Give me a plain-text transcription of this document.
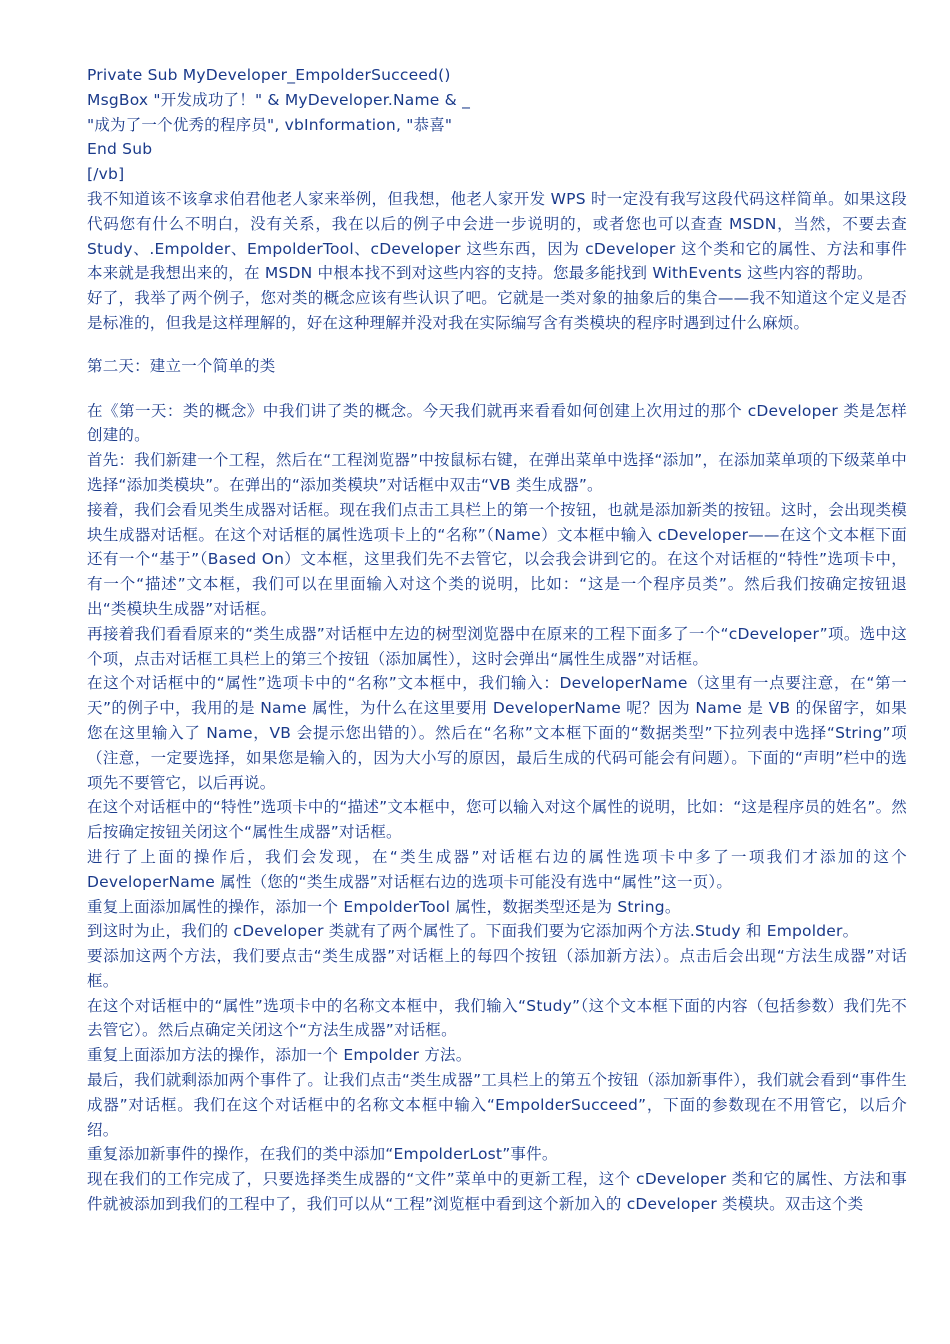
Private Sub MyDeveloper_EmpolderSucceed()
MsgBox "开发成功了！" & MyDeveloper.Name & _
"成为了一个优秀的程序员", vbInformation, "恭喜"
End Sub
[/vb]
我不知道该不该拿求伯君他老人家来举例，但我想，他老人家开发 WPS 时一定没有我写这段代码这样简单。如果这段代码您有什么不明白，没有关系，我在以后的例子中会进一步说明的，或者您也可以查查 MSDN，当然，不要去查 Study、.Empolder、EmpolderTool、cDeveloper 这些东西，因为 cDeveloper 这个类和它的属性、方法和事件本来就是我想出来的，在 MSDN 中根本找不到对这些内容的支持。您最多能找到 WithEvents 这些内容的帮助。
好了，我举了两个例子，您对类的概念应该有些认识了吧。它就是一类对象的抽象后的集合——我不知道这个定义是否是标准的，但我是这样理解的，好在这种理解并没对我在实际编写含有类模块的程序时遇到过什么麻烦。
第二天：建立一个简单的类
在《第一天：类的概念》中我们讲了类的概念。今天我们就再来看看如何创建上次用过的那个 cDeveloper 类是怎样创建的。
首先：我们新建一个工程，然后在“工程浏览器”中按鼠标右键，在弹出菜单中选择“添加”，在添加菜单项的下级菜单中选择“添加类模块”。在弹出的“添加类模块”对话框中双击“VB 类生成器”。
接着，我们会看见类生成器对话框。现在我们点击工具栏上的第一个按钮，也就是添加新类的按钮。这时，会出现类模块生成器对话框。在这个对话框的属性选项卡上的“名称”（Name）文本框中输入 cDeveloper——在这个文本框下面还有一个“基于”（Based On）文本框，这里我们先不去管它，以会我会讲到它的。在这个对话框的“特性”选项卡中，有一个“描述”文本框，我们可以在里面输入对这个类的说明，比如：“这是一个程序员类”。然后我们按确定按钮退出“类模块生成器”对话框。
再接着我们看看原来的“类生成器”对话框中左边的树型浏览器中在原来的工程下面多了一个“cDeveloper”项。选中这个项，点击对话框工具栏上的第三个按钮（添加属性），这时会弹出“属性生成器”对话框。
在这个对话框中的“属性”选项卡中的“名称”文本框中，我们输入：DeveloperName（这里有一点要注意，在“第一天”的例子中，我用的是 Name 属性，为什么在这里要用 DeveloperName 呢？因为 Name 是 VB 的保留字，如果您在这里输入了 Name，VB 会提示您出错的）。然后在“名称”文本框下面的“数据类型”下拉列表中选择“String”项（注意，一定要选择，如果您是输入的，因为大小写的原因，最后生成的代码可能会有问题）。下面的“声明”栏中的选项先不要管它，以后再说。
在这个对话框中的“特性”选项卡中的“描述”文本框中，您可以输入对这个属性的说明，比如：“这是程序员的姓名”。然后按确定按钮关闭这个“属性生成器”对话框。
进行了上面的操作后，我们会发现，在“类生成器”对话框右边的属性选项卡中多了一项我们才添加的这个 DeveloperName 属性（您的“类生成器”对话框右边的选项卡可能没有选中“属性”这一页）。
重复上面添加属性的操作，添加一个 EmpolderTool 属性，数据类型还是为 String。
到这时为止，我们的 cDeveloper 类就有了两个属性了。下面我们要为它添加两个方法.Study 和 Empolder。
要添加这两个方法，我们要点击“类生成器”对话框上的每四个按钮（添加新方法）。点击后会出现“方法生成器”对话框。
在这个对话框中的“属性”选项卡中的名称文本框中，我们输入“Study”（这个文本框下面的内容（包括参数）我们先不去管它）。然后点确定关闭这个“方法生成器”对话框。
重复上面添加方法的操作，添加一个 Empolder 方法。
最后，我们就剩添加两个事件了。让我们点击“类生成器”工具栏上的第五个按钮（添加新事件），我们就会看到“事件生成器”对话框。我们在这个对话框中的名称文本框中输入“EmpolderSucceed”，下面的参数现在不用管它，以后介绍。
重复添加新事件的操作，在我们的类中添加“EmpolderLost”事件。
现在我们的工作完成了，只要选择类生成器的“文件”菜单中的更新工程，这个 cDeveloper 类和它的属性、方法和事件就被添加到我们的工程中了，我们可以从“工程”浏览框中看到这个新加入的 cDeveloper 类模块。双击这个类
